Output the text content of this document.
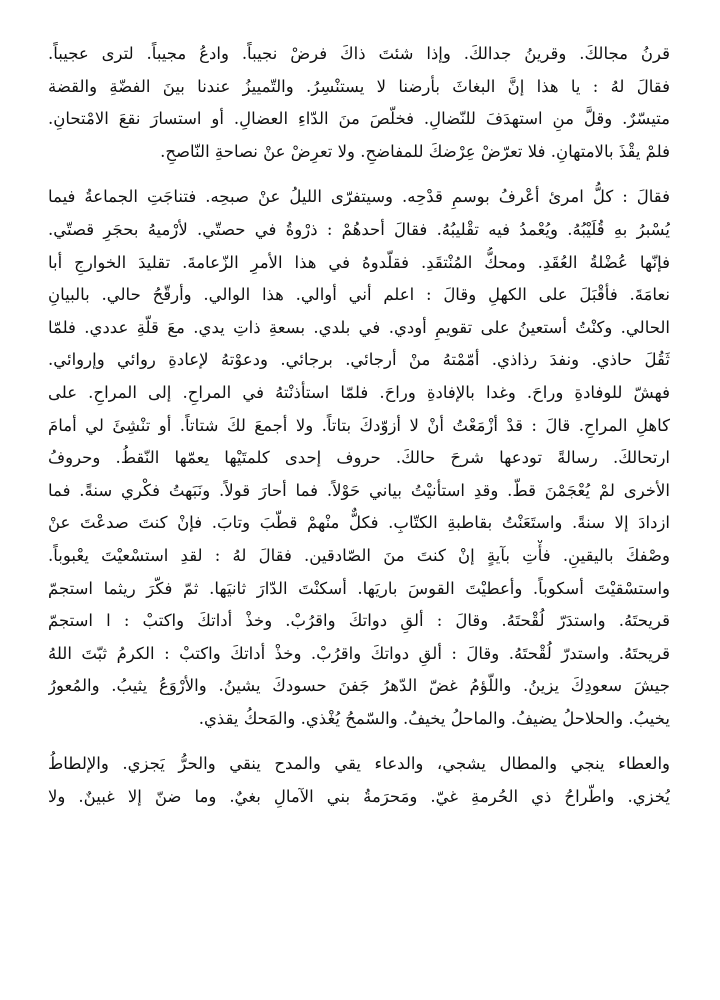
قرنُ مجالكَ. وقرينُ جدالكَ. وإذا شئتَ ذاكَ فرضْ نجيباً. وادعُ مجيباً. لترى عجيباً.
فقالَ لهُ : يا هذا إنَّ البغاثَ بأرضنا لا يستنْسِرُ. والتّمييزُ عندنا بينَ الفضّةِ والقضة
متيسّرٌ. وقلَّ منِ استهدَفَ للنّضالِ. فخلّصَ منَ الدّاءِ العضالِ. أو استسارَ نقعَ الامْتحانِ.
فلمْ يقْذَ بالامتهانِ. فلا تعرّضْ عِرْضكَ للمفاضحِ. ولا تعرِضْ عنْ نصاحةِ النّاصحِ.
فقالَ : كلُّ امرئ أعْرفُ بوسمِ قدْحِه. وسيتفرّى الليلُ عنْ صبحِه. فتناجَتِ الجماعةُ فيما
يُسْبرُ بهِ قُلَيْبُهُ. ويُعْمدُ فيه تقْليبُهُ. فقالَ أحدهُمْ : ذرْوةُ في حصتّي. لأرْميهُ بحجَرِ قصتّي.
فإنّها عُضْلةُ العُقَدِ. ومحكُّ المُنْتقَدِ. فقلّدوهُ في هذا الأمرِ الزّعامةَ. تقليدَ الخوارجِ أبا
نعامَةَ. فأقْبَلَ على الكهلِ وقالَ : اعلم أني أوالي. هذا الوالي. وأرقّحُ حالي. بالبيانِ
الحالي. وكنْتُ أستعينُ على تقويمِ أودي. في بلدي. بسعةِ ذاتِ يدي. معَ قلّةِ عددي. فلمّا
ثَقُلَ حاذي. ونفدَ رذاذي. أمّمْتهُ منْ أرجائي. برجائي. ودعوْتهُ لإعادةِ روائي وإروائي.
فهشّ للوفادةِ وراحَ. وغدا بالإفادةِ وراحَ. فلمّا استأذنْتهُ في المراحِ. إلى المراحِ. على
كاهلِ المراحِ. قالَ : قدْ أزْمَعْتُ أنْ لا أزوّدكَ بتاتاً. ولا أجمعَ لكَ شتاتاً. أو تنْشِئَ لي أمامَ
ارتحالكَ. رسالةً تودعها شرحَ حالكَ. حروف إحدى كلمتَيْها يعمّها النّقطُ. وحروفُ
الأخرى لمْ يُعْجَمْنَ قطّ. وقدِ استأنيْتُ بياني حَوْلاً. فما أحارَ قولاً. ونَبَهتُ فكْري سنةً. فما
ازدادَ إلا سنةً. واستَعَنْتُ بقاطبةِ الكتّابِ. فكلٌّ منْهمْ قطّبَ وتابَ. فإنْ كنتَ صدعْتَ عنْ
وصْفكَ باليقينِ. فأْتِ بآيةٍ إنْ كنتَ منَ الصّادقين. فقالَ لهُ : لقدِ استسْعيْتَ يعْبوباً.
واستسْقيْتَ أسكوباً. وأعطيْتَ القوسَ باريَها. أسكنْتَ الدّارَ ثانيَها. ثمّ فكّرَ ريثما استجمّ
قريحتَهُ. واستدَرّ لُقْحتَهُ. وقالَ : ألقِ دواتكَ واقرُبْ. وخذْ أداتكَ واكتبْ : ا استجمّ
قريحتَهُ. واستدرّ لُقْحتَهُ. وقالَ : ألقِ دواتكَ واقرُبْ. وخذْ أداتكَ واكتبْ : الكرمُ ثبّتَ اللهُ
جيشَ سعودِكَ يزينُ. واللّؤمُ غضّ الدّهرُ جَفنَ حسودكَ يشينُ. والأرْوَعُ يثيبُ. والمُعورُ
يخيبُ. والحلاحلُ يضيفُ. والماحلُ يخيفُ. والسّمحُ يُغْذي. والمَحكُ يقذي.
والعطاء ينجي والمطال يشجي، والدعاء يقي والمدح ينقي والحرُّ يَجزي. والإلطاطُ
يُخزي. واطّراحُ ذي الحُرمةِ غيّ. ومَحرَمةُ بني الآمالِ بغيٌ. وما ضنّ إلا غبينٌ. ولا
